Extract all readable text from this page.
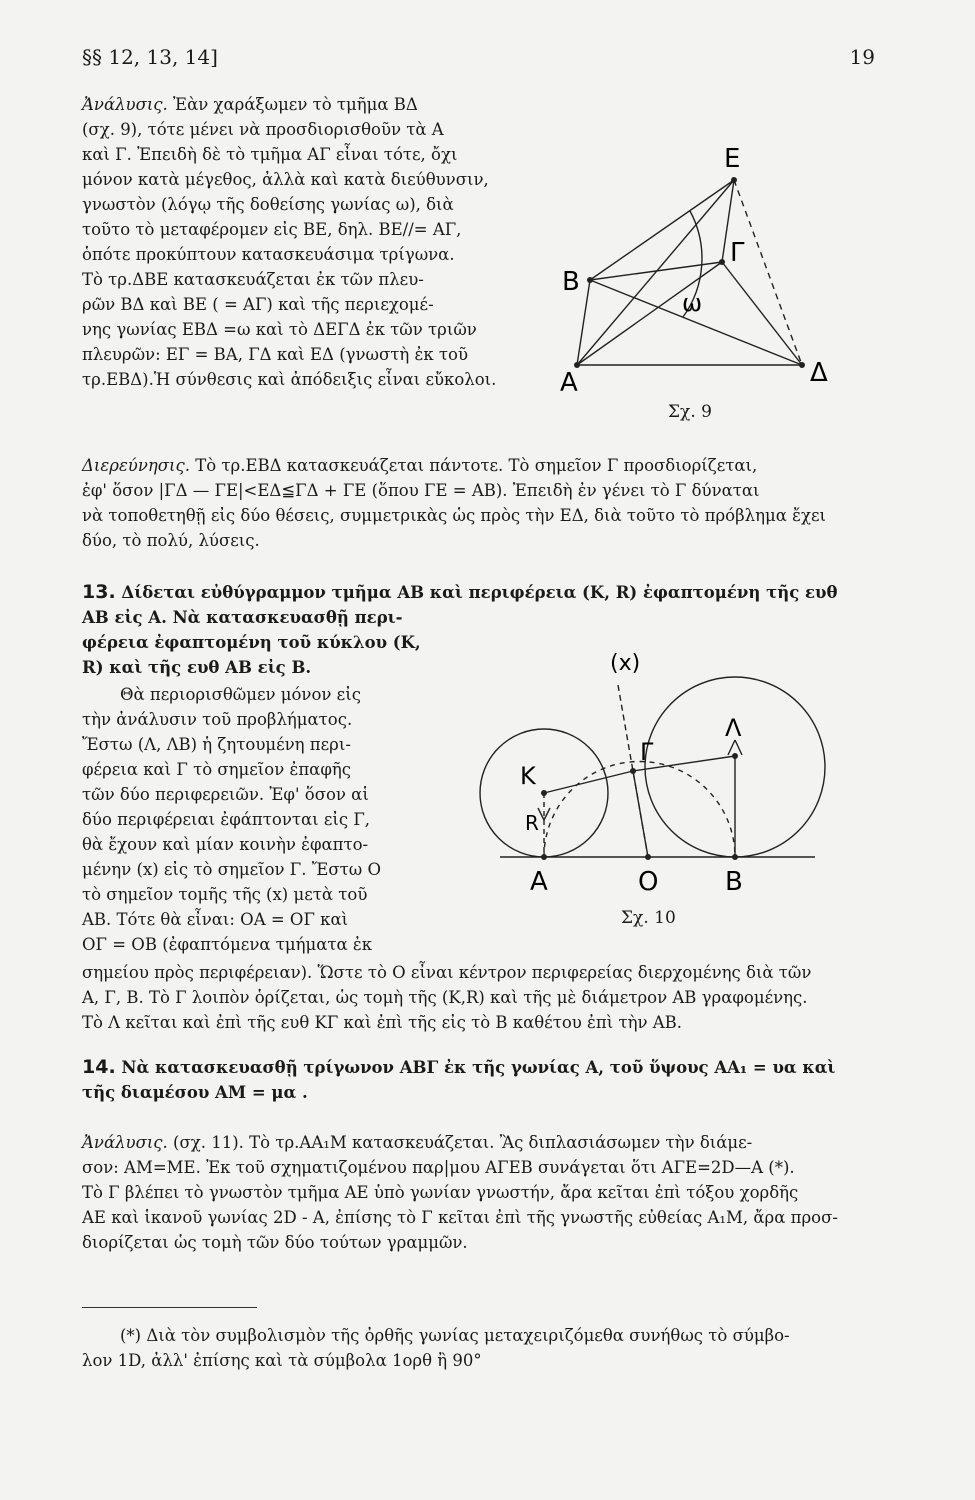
§§ 12, 13, 14]	19
Ἀνάλυσις. Ἐὰν χαράξωμεν τὸ τμῆμα ΒΔ
(σχ. 9), τότε μένει νὰ προσδιορισθοῦν τὰ Α
καὶ Γ. Ἐπειδὴ δὲ τὸ τμῆμα ΑΓ εἶναι τότε, ὄχι
μόνον κατὰ μέγεθος, ἀλλὰ καὶ κατὰ διεύθυνσιν,
γνωστὸν (λόγῳ τῆς δοθείσης γωνίας ω), διὰ
τοῦτο τὸ μεταφέρομεν εἰς ΒΕ, δηλ. ΒΕ//= ΑΓ,
ὁπότε προκύπτουν κατασκευάσιμα τρίγωνα.
Τὸ τρ.ΔΒΕ κατασκευάζεται ἐκ τῶν πλευ-
ρῶν ΒΔ καὶ ΒΕ ( = ΑΓ) καὶ τῆς περιεχομέ-
νης γωνίας ΕΒΔ =ω καὶ τὸ ΔΕΓΔ ἐκ τῶν τριῶν
πλευρῶν: ΕΓ = ΒΑ, ΓΔ καὶ ΕΔ (γνωστὴ ἐκ τοῦ
τρ.ΕΒΔ).Ἡ σύνθεσις καὶ ἀπόδειξις εἶναι εὔκολοι.
Ε
Β
Γ
Α	Δ
ω
Σχ. 9
Διερεύνησις. Τὸ τρ.ΕΒΔ κατασκευάζεται πάντοτε. Τὸ σημεῖον Γ προσδιορίζεται,
ἐφ' ὅσον |ΓΔ — ΓΕ|<ΕΔ≦ΓΔ + ΓΕ (ὅπου ΓΕ = ΑΒ). Ἐπειδὴ ἐν γένει τὸ Γ δύναται
νὰ τοποθετηθῇ εἰς δύο θέσεις, συμμετρικὰς ὡς πρὸς τὴν ΕΔ, διὰ τοῦτο τὸ πρόβλημα ἔχει
δύο, τὸ πολύ, λύσεις.
13. Δίδεται εὐθύγραμμον τμῆμα ΑΒ καὶ περιφέρεια (Κ, R) ἐφαπτομένη τῆς ευθ
ΑΒ εἰς Α. Νὰ κατασκευασθῇ περι-
φέρεια ἐφαπτομένη τοῦ κύκλου (Κ,
R) καὶ τῆς ευθ ΑΒ εἰς Β.
Θὰ περιορισθῶμεν μόνον εἰς
τὴν ἀνάλυσιν τοῦ προβλήματος.
Ἔστω (Λ, ΛΒ) ἡ ζητουμένη περι-
φέρεια καὶ Γ τὸ σημεῖον ἐπαφῆς
τῶν δύο περιφερειῶν. Ἐφ' ὅσον αἱ
δύο περιφέρειαι ἐφάπτονται εἰς Γ,
θὰ ἔχουν καὶ μίαν κοινὴν ἐφαπτο-
μένην (x) εἰς τὸ σημεῖον Γ. Ἔστω Ο
τὸ σημεῖον τομῆς τῆς (x) μετὰ τοῦ
ΑΒ. Τότε θὰ εἶναι: ΟΑ = ΟΓ καὶ
ΟΓ = ΟΒ (ἐφαπτόμενα τμήματα ἐκ
(x)
Κ
Γ
Λ
R
Α	Ο	Β
Σχ. 10
σημείου πρὸς περιφέρειαν). Ὥστε τὸ Ο εἶναι κέντρον περιφερείας διερχομένης διὰ τῶν
Α, Γ, Β. Τὸ Γ λοιπὸν ὁρίζεται, ὡς τομὴ τῆς (Κ,R) καὶ τῆς μὲ διάμετρον ΑΒ γραφομένης.
Τὸ Λ κεῖται καὶ ἐπὶ τῆς ευθ ΚΓ καὶ ἐπὶ τῆς εἰς τὸ Β καθέτου ἐπὶ τὴν ΑΒ.
14. Νὰ κατασκευασθῇ τρίγωνον ΑΒΓ ἐκ τῆς γωνίας Α, τοῦ ὕψους ΑΑ₁ = υα καὶ
τῆς διαμέσου ΑΜ = μα .
Ἀνάλυσις. (σχ. 11). Τὸ τρ.ΑΑ₁Μ κατασκευάζεται. Ἂς διπλασιάσωμεν τὴν διάμε-
σον: ΑΜ=ΜΕ. Ἐκ τοῦ σχηματιζομένου παρ|μου ΑΓΕΒ συνάγεται ὅτι ΑΓΕ=2D—Α (*).
Τὸ Γ βλέπει τὸ γνωστὸν τμῆμα ΑΕ ὑπὸ γωνίαν γνωστήν, ἄρα κεῖται ἐπὶ τόξου χορδῆς
ΑΕ καὶ ἱκανοῦ γωνίας 2D - Α, ἐπίσης τὸ Γ κεῖται ἐπὶ τῆς γνωστῆς εὐθείας Α₁Μ, ἄρα προσ-
διορίζεται ὡς τομὴ τῶν δύο τούτων γραμμῶν.
(*) Διὰ τὸν συμβολισμὸν τῆς ὀρθῆς γωνίας μεταχειριζόμεθα συνήθως τὸ σύμβο-
λον 1D, ἀλλ' ἐπίσης καὶ τὰ σύμβολα 1ορθ ἢ 90°
